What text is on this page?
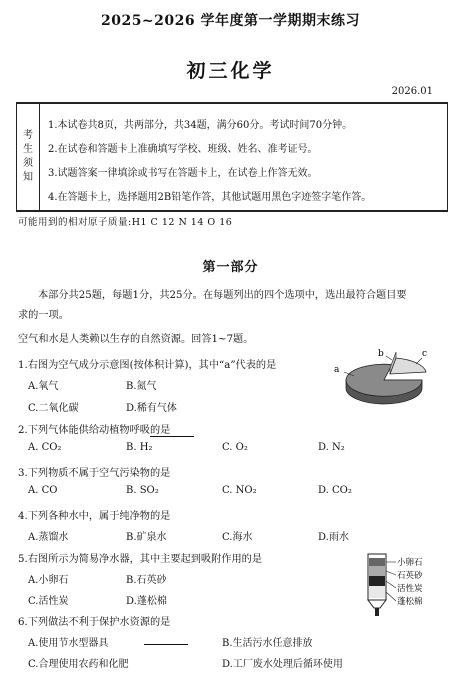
2025~2026 学年度第一学期期末练习
初三化学
2026.01
考
生
须
知
1.本试卷共8页，共两部分，共34题，满分60分。考试时间70分钟。
2.在试卷和答题卡上准确填写学校、班级、姓名、准考证号。
3.试题答案一律填涂或书写在答题卡上，在试卷上作答无效。
4.在答题卡上，选择题用2B铅笔作答，其他试题用黑色字迹签字笔作答。
可能用到的相对原子质量:H1 C 12 N 14 O 16
第一部分
本部分共25题，每题1分，共25分。在每题列出的四个选项中，选出最符合题目要
求的一项。
空气和水是人类赖以生存的自然资源。回答1~7题。
1.右图为空气成分示意图(按体积计算)，其中“a”代表的是
A.氧气	B.氮气
C.二氧化碳	D.稀有气体
a
b	c
2.下列气体能供给动植物呼吸的是
A. CO₂	B. H₂	C. O₂	D. N₂
3.下列物质不属于空气污染物的是
A. CO	B. SO₂	C. NO₂	D. CO₂
4.下列各种水中，属于纯净物的是
A.蒸馏水	B.矿泉水	C.海水	D.雨水
5.右图所示为简易净水器，其中主要起到吸附作用的是
A.小卵石	B.石英砂
C.活性炭	D.蓬松棉
小卵石
石英砂
活性炭
蓬松棉
6.下列做法不利于保护水资源的是
A.使用节水型器具	B.生活污水任意排放
C.合理使用农药和化肥	D.工厂废水处理后循环使用
